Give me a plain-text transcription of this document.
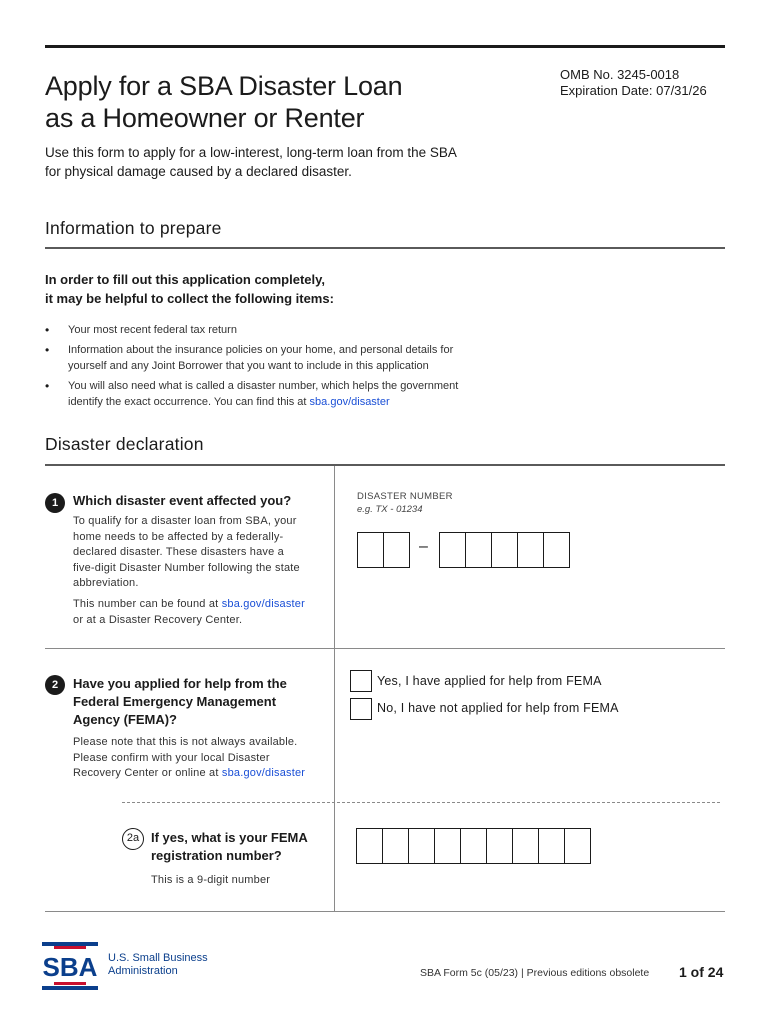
Apply for a SBA Disaster Loan
as a Homeowner or Renter
OMB No. 3245-0018
Expiration Date: 07/31/26
Use this form to apply for a low-interest, long-term loan from the SBA
for physical damage caused by a declared disaster.
Information to prepare
In order to fill out this application completely,
it may be helpful to collect the following items:
• Your most recent federal tax return
• Information about the insurance policies on your home, and personal details for
yourself and any Joint Borrower that you want to include in this application
• You will also need what is called a disaster number, which helps the government
identify the exact occurrence. You can find this at sba.gov/disaster
Disaster declaration
1	Which disaster event affected you?
To qualify for a disaster loan from SBA, your
home needs to be affected by a federally-
declared disaster. These disasters have a
five-digit Disaster Number following the state
abbreviation.
This number can be found at sba.gov/disaster
or at a Disaster Recovery Center.
DISASTER NUMBER
e.g. TX - 01234
–
2	Have you applied for help from the
Federal Emergency Management
Agency (FEMA)?
Please note that this is not always available.
Please confirm with your local Disaster
Recovery Center or online at sba.gov/disaster
Yes, I have applied for help from FEMA
No, I have not applied for help from FEMA
2a If yes, what is your FEMA
registration number?
This is a 9-digit number
SBA U.S. Small Business
Administration	SBA Form 5c (05/23) | Previous editions obsolete 1 of 24
